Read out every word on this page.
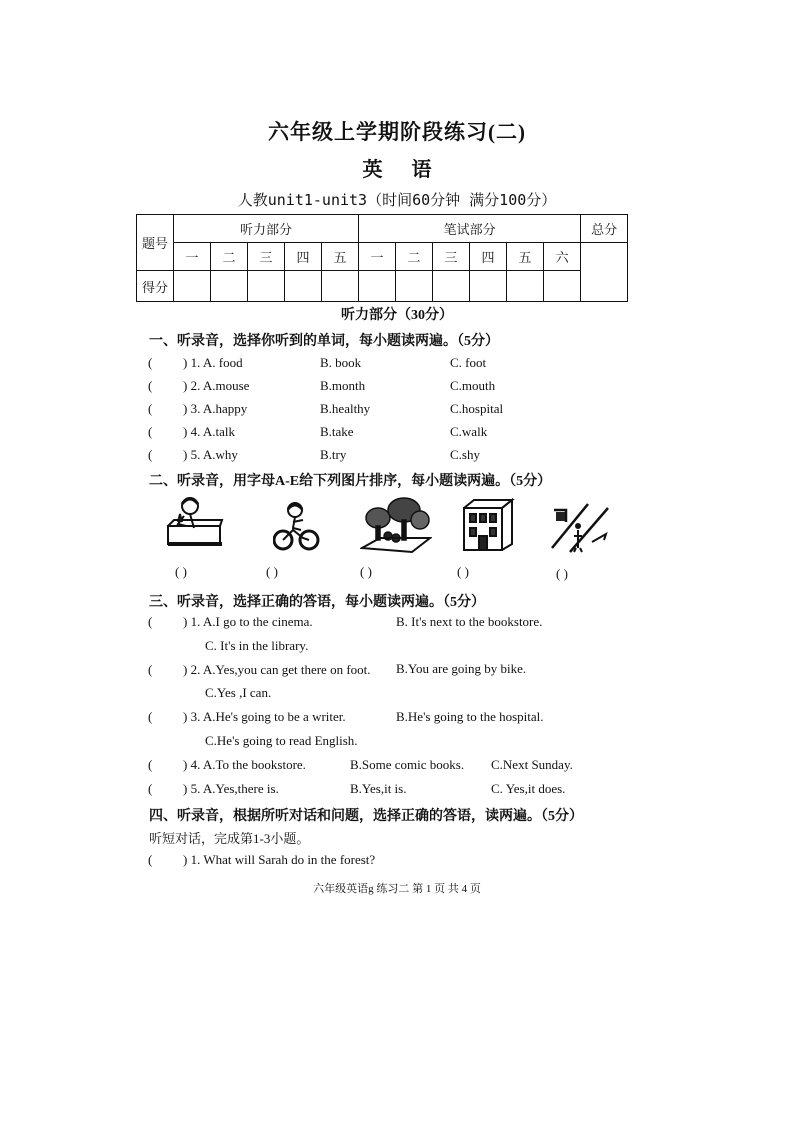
六年级上学期阶段练习(二)
英 语
人教unit1-unit3（时间60分钟 满分100分）
题号	听力部分					笔试部分						总分
	一	二	三	四	五	一	二	三	四	五	六	
得分												
听力部分（30分）
一、听录音，选择你听到的单词，每小题读两遍。（5分）
( ) 1. A. food	B. book	C. foot
( ) 2. A.mouse	B.month	C.mouth
( ) 3. A.happy	B.healthy	C.hospital
( ) 4. A.talk	B.take	C.walk
( ) 5. A.why	B.try	C.shy
二、听录音，用字母A-E给下列图片排序，每小题读两遍。（5分）
( )	( )	( )	( )	( )
三、听录音，选择正确的答语，每小题读两遍。（5分）
( ) 1. A.I go to the cinema.	B. It's next to the bookstore.
C. It's in the library.
( ) 2. A.Yes,you can get there on foot. B.You are going by bike.
C.Yes ,I can.
( ) 3. A.He's going to be a writer.	B.He's going to the hospital.
C.He's going to read English.
( ) 4. A.To the bookstore.	B.Some comic books. C.Next Sunday.
( ) 5. A.Yes,there is.	B.Yes,it is.	C. Yes,it does.
四、听录音，根据所听对话和问题，选择正确的答语，读两遍。（5分）
听短对话，完成第1-3小题。
( ) 1. What will Sarah do in the forest?
六年级英语g 练习二 第 1 页 共 4 页
